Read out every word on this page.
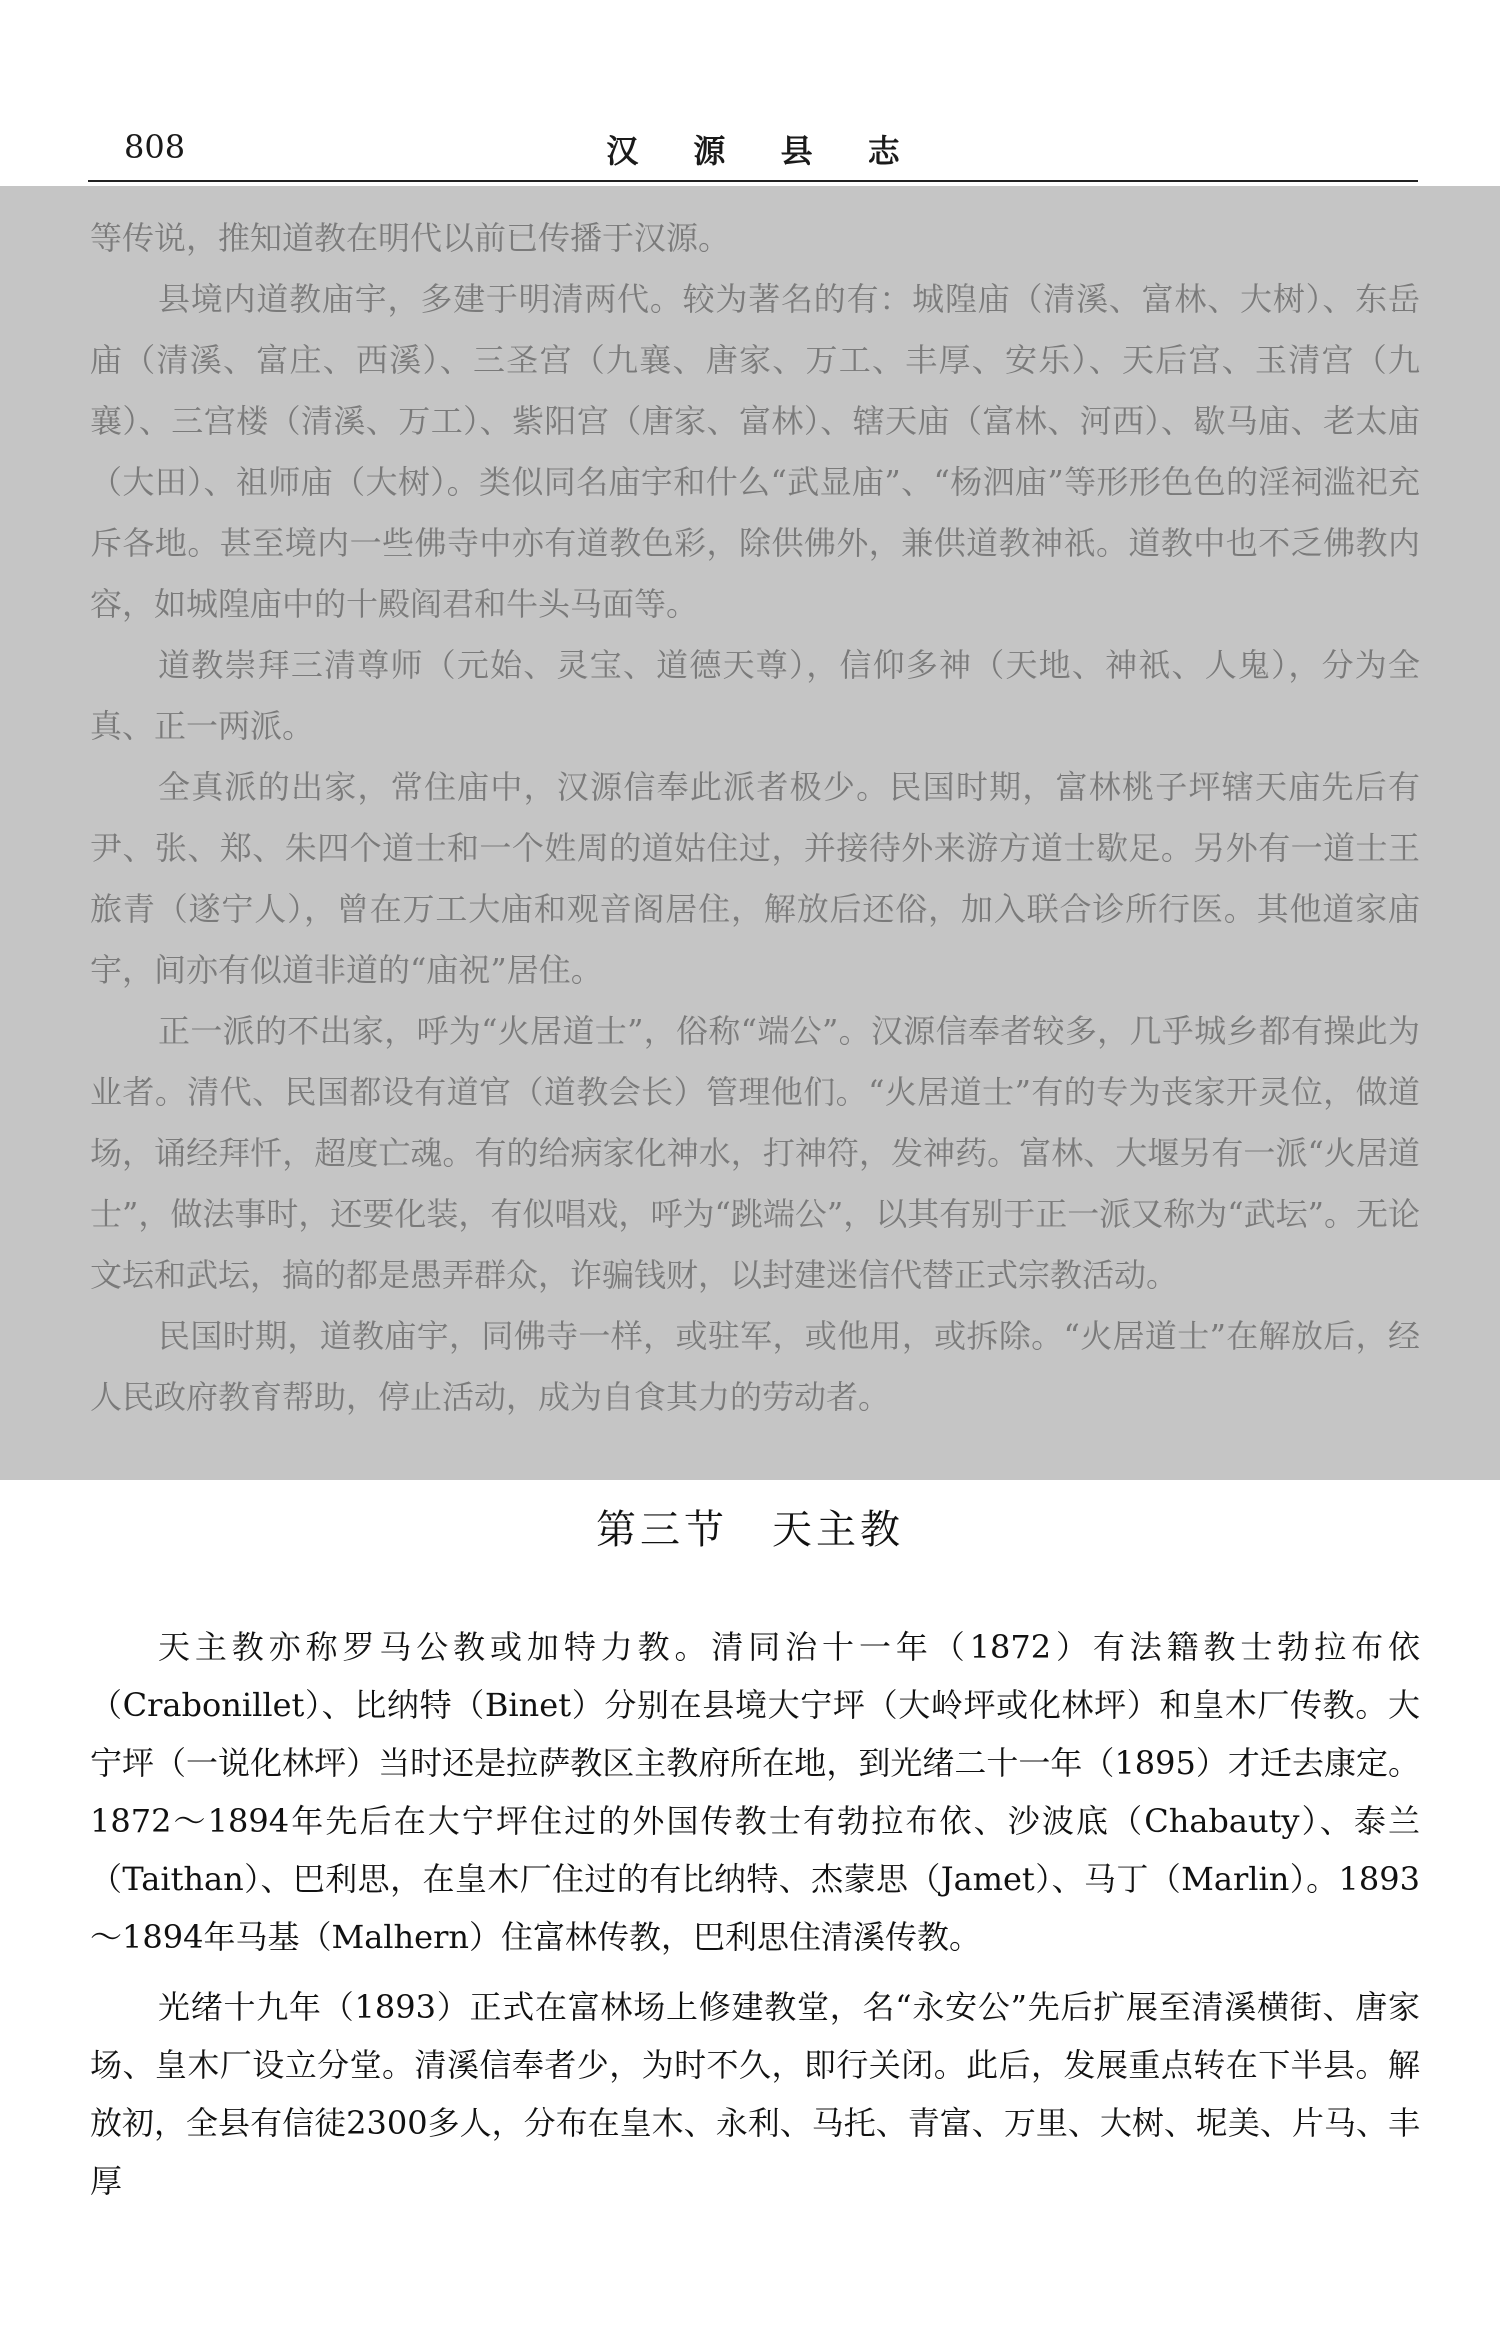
808	汉 源 县 志

等传说，推知道教在明代以前已传播于汉源。

县境内道教庙宇，多建于明清两代。较为著名的有：城隍庙（清溪、富林、大树）、东岳庙（清溪、富庄、西溪）、三圣宫（九襄、唐家、万工、丰厚、安乐）、天后宫、玉清宫（九襄）、三宫楼（清溪、万工）、紫阳宫（唐家、富林）、辖天庙（富林、河西）、歇马庙、老太庙（大田）、祖师庙（大树）。类似同名庙宇和什么“武显庙”、“杨泗庙”等形形色色的淫祠滥祀充斥各地。甚至境内一些佛寺中亦有道教色彩，除供佛外，兼供道教神祇。道教中也不乏佛教内容，如城隍庙中的十殿阎君和牛头马面等。

道教崇拜三清尊师（元始、灵宝、道德天尊），信仰多神（天地、神祇、人鬼），分为全真、正一两派。

全真派的出家，常住庙中，汉源信奉此派者极少。民国时期，富林桃子坪辖天庙先后有尹、张、郑、朱四个道士和一个姓周的道姑住过，并接待外来游方道士歇足。另外有一道士王旅青（遂宁人），曾在万工大庙和观音阁居住，解放后还俗，加入联合诊所行医。其他道家庙宇，间亦有似道非道的“庙祝”居住。

正一派的不出家，呼为“火居道士”，俗称“端公”。汉源信奉者较多，几乎城乡都有操此为业者。清代、民国都设有道官（道教会长）管理他们。“火居道士”有的专为丧家开灵位，做道场，诵经拜忏，超度亡魂。有的给病家化神水，打神符，发神药。富林、大堰另有一派“火居道士”，做法事时，还要化装，有似唱戏，呼为“跳端公”，以其有别于正一派又称为“武坛”。无论文坛和武坛，搞的都是愚弄群众，诈骗钱财，以封建迷信代替正式宗教活动。

民国时期，道教庙宇，同佛寺一样，或驻军，或他用，或拆除。“火居道士”在解放后，经人民政府教育帮助，停止活动，成为自食其力的劳动者。

第三节　天主教

天主教亦称罗马公教或加特力教。清同治十一年（1872）有法籍教士勃拉布依（Crabonillet）、比纳特（Binet）分别在县境大宁坪（大岭坪或化林坪）和皇木厂传教。大宁坪（一说化林坪）当时还是拉萨教区主教府所在地，到光绪二十一年（1895）才迁去康定。1872～1894年先后在大宁坪住过的外国传教士有勃拉布依、沙波底（Chabauty）、泰兰（Taithan）、巴利思，在皇木厂住过的有比纳特、杰蒙思（Jamet）、马丁（Marlin）。1893～1894年马基（Malhern）住富林传教，巴利思住清溪传教。

光绪十九年（1893）正式在富林场上修建教堂，名“永安公”先后扩展至清溪横街、唐家场、皇木厂设立分堂。清溪信奉者少，为时不久，即行关闭。此后，发展重点转在下半县。解放初，全县有信徒2300多人，分布在皇木、永利、马托、青富、万里、大树、坭美、片马、丰厚
